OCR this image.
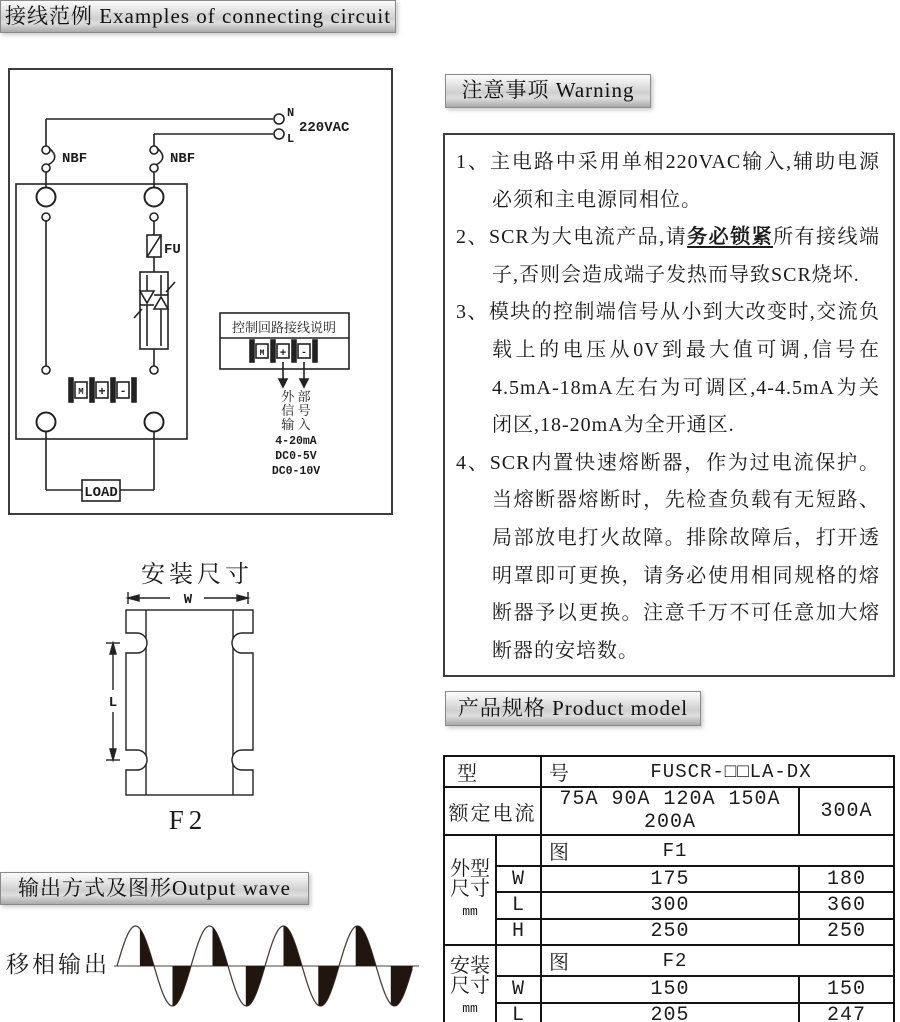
接线范例 Examples of connecting circuit
N
L
220VAC
NBF	NBF
FU
LOAD
M + -
控制回路接线说明
M + -
外 部
信 号
输 入
4-20mA
DC0-5V
DC0-10V
安装尺寸
W
L
F2
注意事项 Warning

1、主电路中采用单相220VAC输入,辅助电源必须和主电源同相位。

2、SCR为大电流产品,请务必锁紧所有接线端子,否则会造成端子发热而导致SCR烧坏.

3、模块的控制端信号从小到大改变时,交流负载上的电压从0V到最大值可调,信号在4.5mA-18mA左右为可调区,4-4.5mA为关闭区,18-20mA为全开通区.

4、SCR内置快速熔断器，作为过电流保护。当熔断器熔断时，先检查负载有无短路、局部放电打火故障。排除故障后，打开透明罩即可更换，请务必使用相同规格的熔断器予以更换。注意千万不可任意加大熔断器的安培数。

产品规格 Product model
型		号 FUSCR-□□LA-DX	

额定电流		75A 90A 120A 150A 200A	300A
外型
尺寸
mm		图 F1	

	W	175	180
	L	300	360
	H	250	250
安装
尺寸
mm		图 F2	

	W	150	150
	L	205	247
输出方式及图形Output wave
移相输出
